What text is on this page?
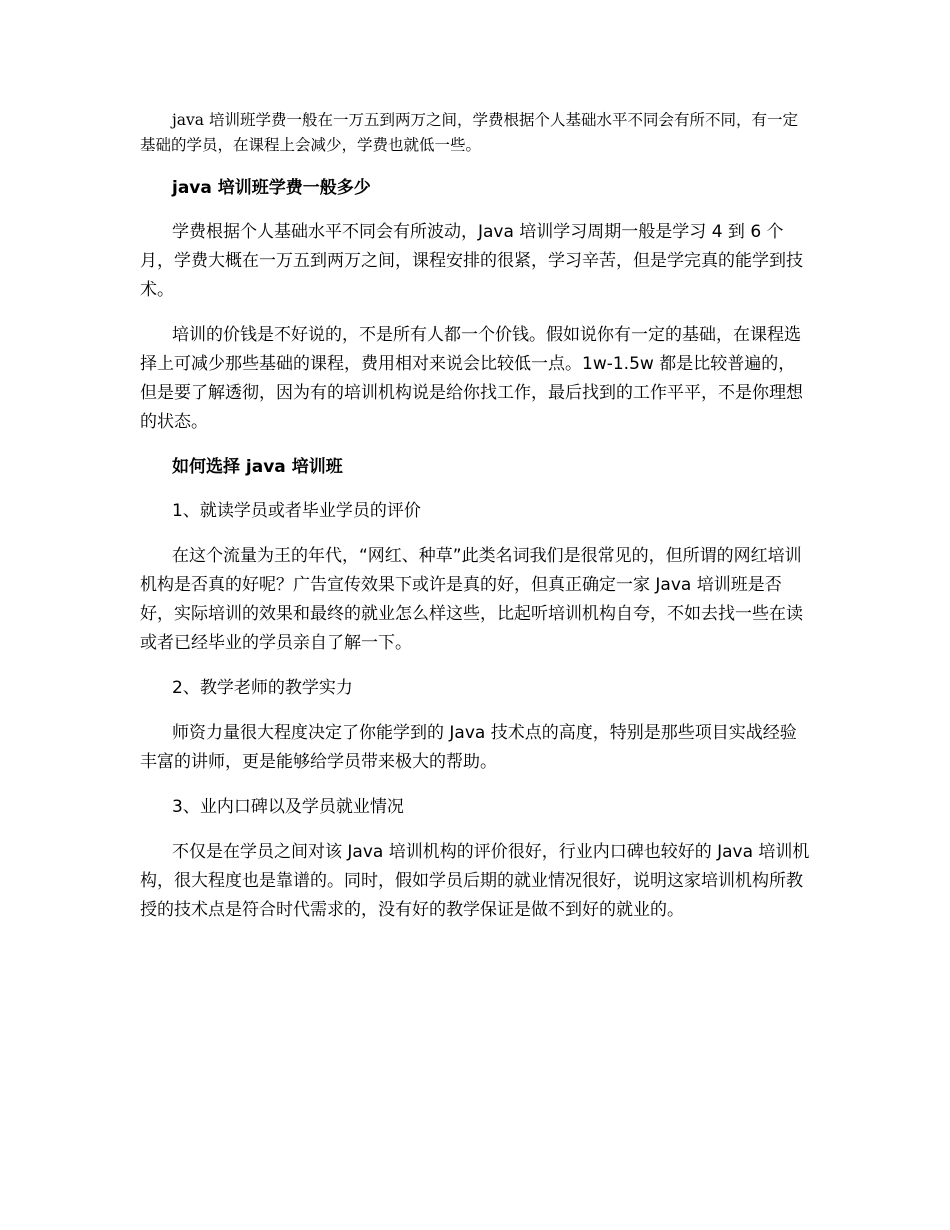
java 培训班学费一般在一万五到两万之间，学费根据个人基础水平不同会有所不同，有一定基础的学员，在课程上会减少，学费也就低一些。

java 培训班学费一般多少

学费根据个人基础水平不同会有所波动，Java 培训学习周期一般是学习 4 到 6 个月，学费大概在一万五到两万之间，课程安排的很紧，学习辛苦，但是学完真的能学到技术。

培训的价钱是不好说的，不是所有人都一个价钱。假如说你有一定的基础，在课程选择上可减少那些基础的课程，费用相对来说会比较低一点。1w-1.5w 都是比较普遍的，但是要了解透彻，因为有的培训机构说是给你找工作，最后找到的工作平平，不是你理想的状态。

如何选择 java 培训班

1、就读学员或者毕业学员的评价

在这个流量为王的年代，“网红、种草”此类名词我们是很常见的，但所谓的网红培训机构是否真的好呢？广告宣传效果下或许是真的好，但真正确定一家 Java 培训班是否好，实际培训的效果和最终的就业怎么样这些，比起听培训机构自夸，不如去找一些在读或者已经毕业的学员亲自了解一下。

2、教学老师的教学实力

师资力量很大程度决定了你能学到的 Java 技术点的高度，特别是那些项目实战经验丰富的讲师，更是能够给学员带来极大的帮助。

3、业内口碑以及学员就业情况

不仅是在学员之间对该 Java 培训机构的评价很好，行业内口碑也较好的 Java 培训机构，很大程度也是靠谱的。同时，假如学员后期的就业情况很好，说明这家培训机构所教授的技术点是符合时代需求的，没有好的教学保证是做不到好的就业的。
